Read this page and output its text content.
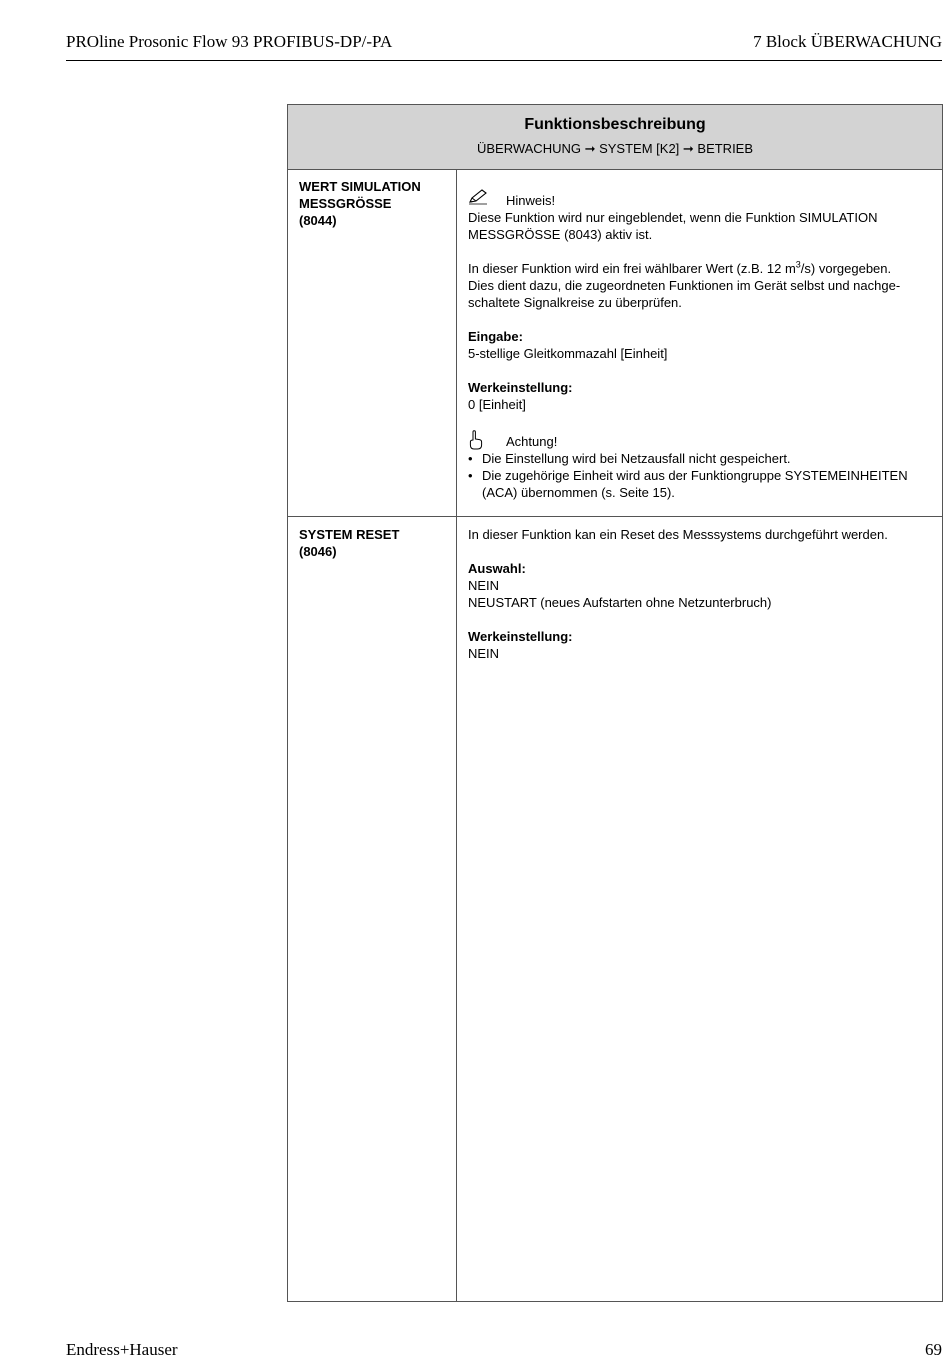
PROline Prosonic Flow 93 PROFIBUS-DP/-PA	7 Block ÜBERWACHUNG
Funktionsbeschreibung
ÜBERWACHUNG ➞ SYSTEM [K2] ➞ BETRIEB
WERT SIMULATION
MESSGRÖSSE
(8044)
Hinweis!

Diese Funktion wird nur eingeblendet, wenn die Funktion SIMULATION
MESSGRÖSSE (8043) aktiv ist.

In dieser Funktion wird ein frei wählbarer Wert (z.B. 12 $m^3/s$) vorgegeben.
Dies dient dazu, die zugeordneten Funktionen im Gerät selbst und nachge-
schaltete Signalkreise zu überprüfen.

Eingabe:

5-stellige Gleitkommazahl [Einheit]

Werkeinstellung:

0 [Einheit]

Achtung!
• Die Einstellung wird bei Netzausfall nicht gespeichert.
• Die zugehörige Einheit wird aus der Funktiongruppe SYSTEMEINHEITEN
(ACA) übernommen (s. Seite 15).
SYSTEM RESET
(8046)

In dieser Funktion kan ein Reset des Messsystems durchgeführt werden.

Auswahl:

NEIN

NEUSTART (neues Aufstarten ohne Netzunterbruch)

Werkeinstellung:

NEIN

Endress+Hauser	69
